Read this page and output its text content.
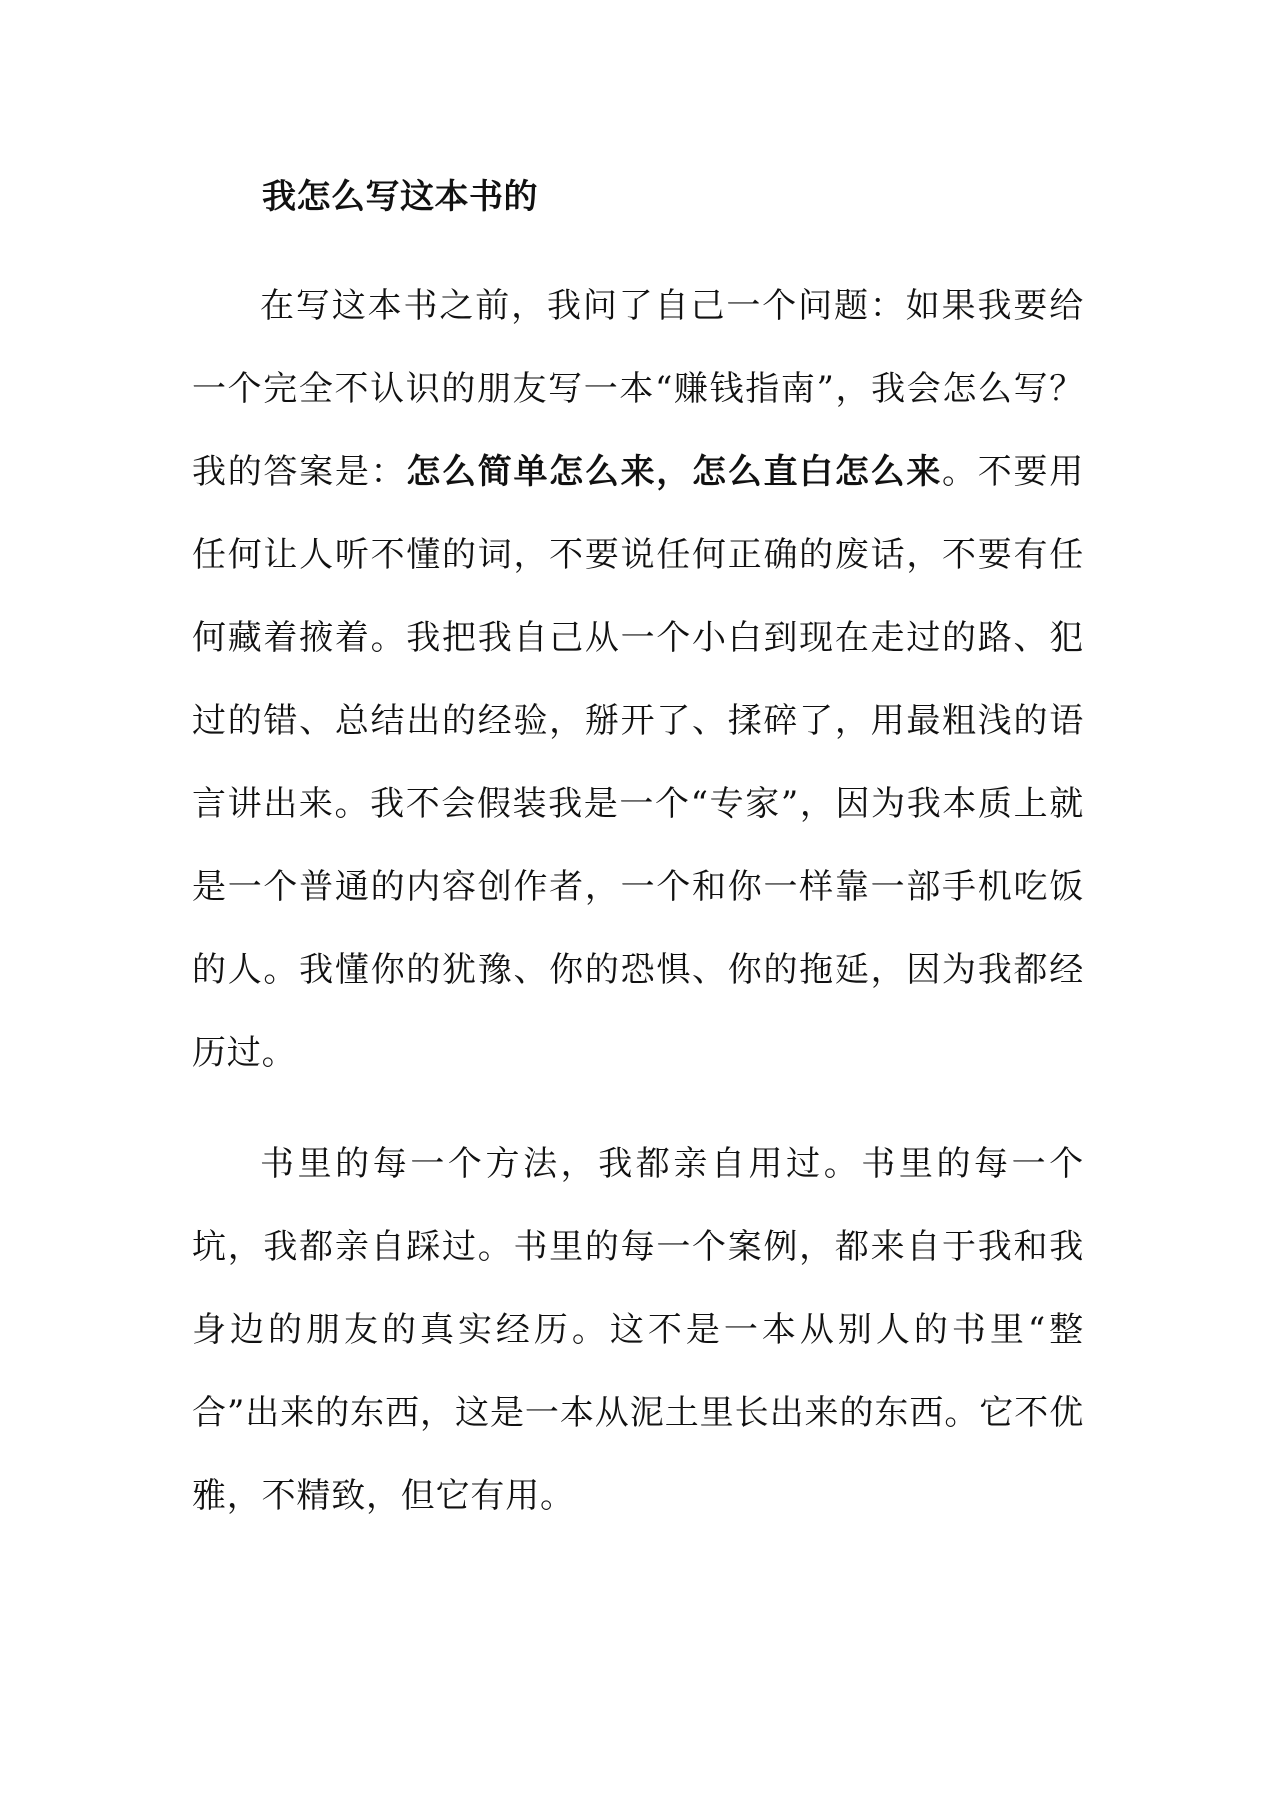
我怎么写这本书的

在写这本书之前，我问了自己一个问题：如果我要给一个完全不认识的朋友写一本“赚钱指南”，我会怎么写？我的答案是：怎么简单怎么来，怎么直白怎么来。不要用任何让人听不懂的词，不要说任何正确的废话，不要有任何藏着掖着。我把我自己从一个小白到现在走过的路、犯过的错、总结出的经验，掰开了、揉碎了，用最粗浅的语言讲出来。我不会假装我是一个“专家”，因为我本质上就是一个普通的内容创作者，一个和你一样靠一部手机吃饭的人。我懂你的犹豫、你的恐惧、你的拖延，因为我都经历过。

书里的每一个方法，我都亲自用过。书里的每一个坑，我都亲自踩过。书里的每一个案例，都来自于我和我身边的朋友的真实经历。这不是一本从别人的书里“整合”出来的东西，这是一本从泥土里长出来的东西。它不优雅，不精致，但它有用。
